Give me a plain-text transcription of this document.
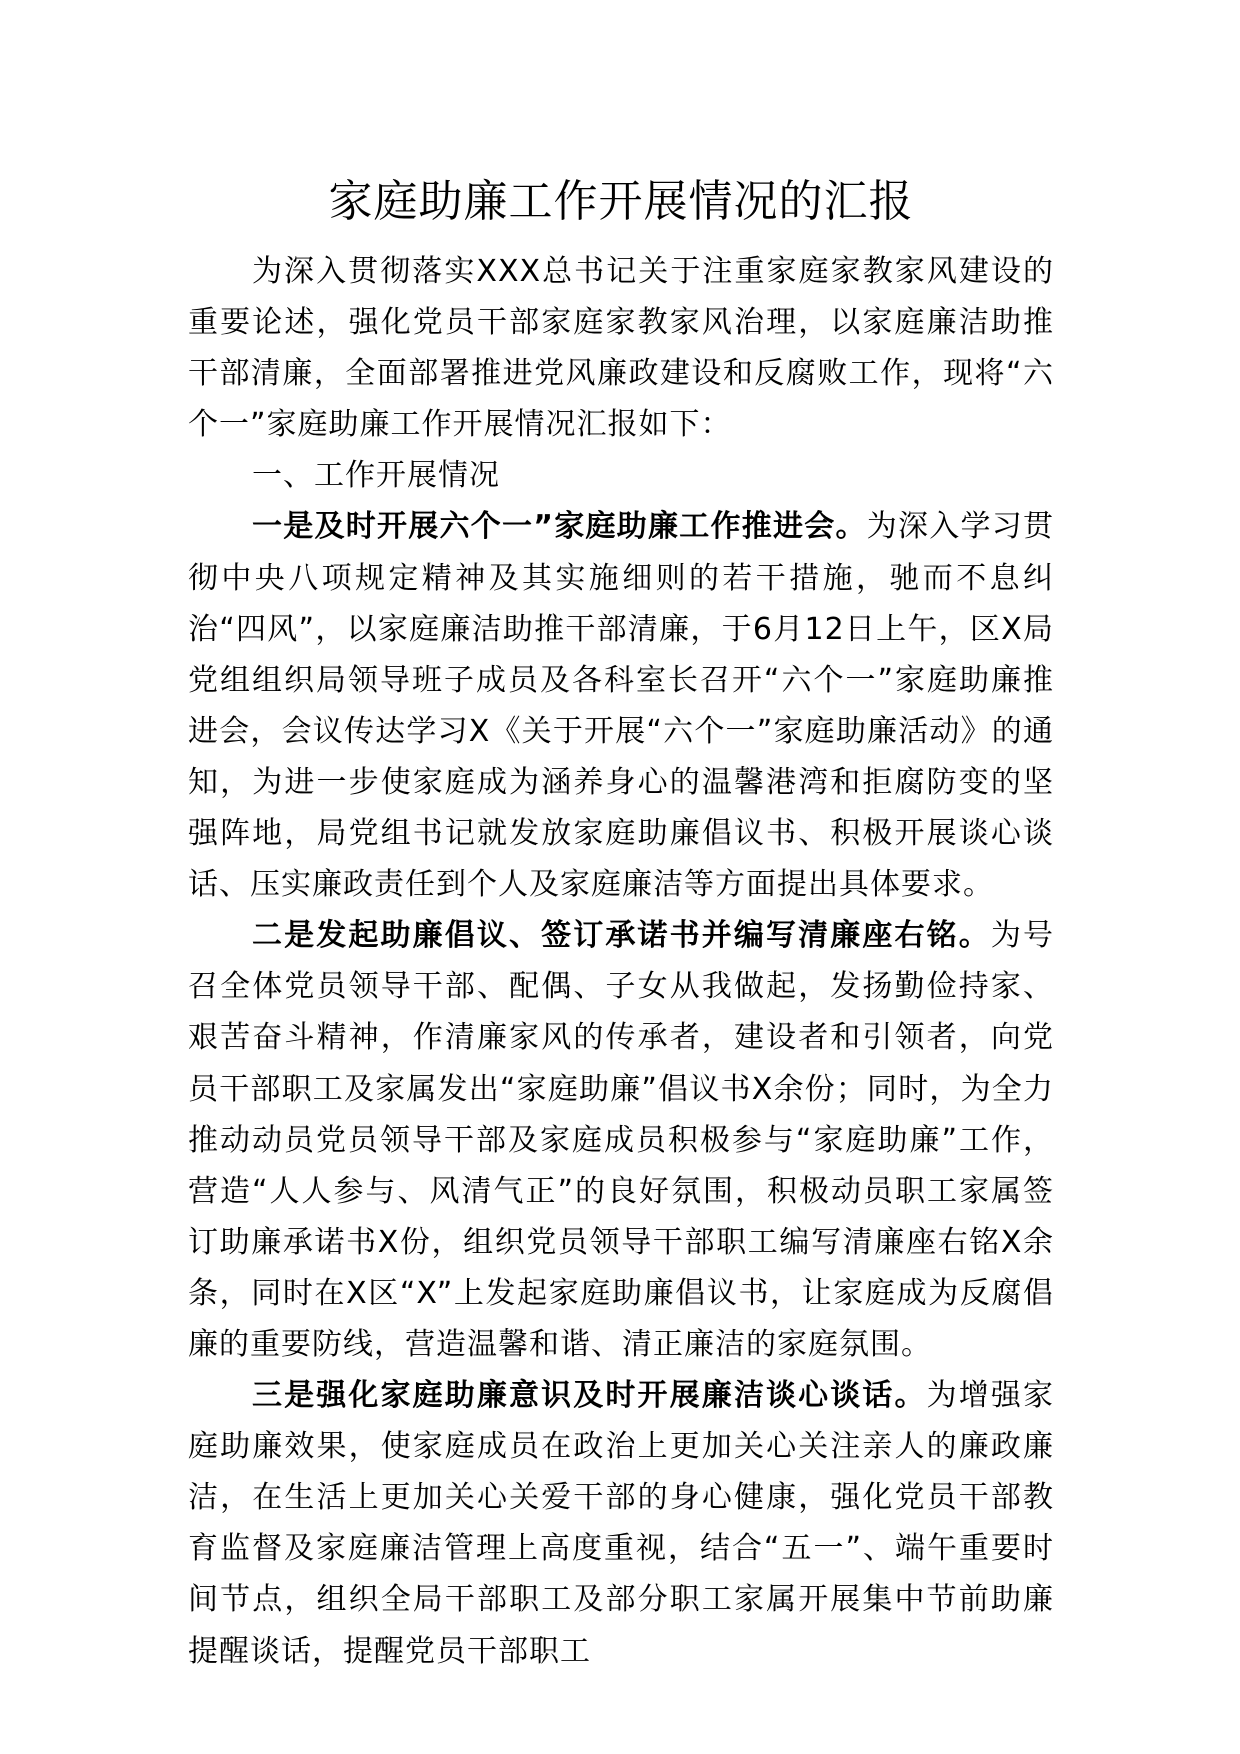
家庭助廉工作开展情况的汇报

为深入贯彻落实XXX总书记关于注重家庭家教家风建设的重要论述，强化党员干部家庭家教家风治理，以家庭廉洁助推干部清廉，全面部署推进党风廉政建设和反腐败工作，现将“六个一”家庭助廉工作开展情况汇报如下：

一、工作开展情况

一是及时开展六个一”家庭助廉工作推进会。为深入学习贯彻中央八项规定精神及其实施细则的若干措施，驰而不息纠治“四风”，以家庭廉洁助推干部清廉，于6月12日上午，区X局党组组织局领导班子成员及各科室长召开“六个一”家庭助廉推进会，会议传达学习X《关于开展“六个一”家庭助廉活动》的通知，为进一步使家庭成为涵养身心的温馨港湾和拒腐防变的坚强阵地，局党组书记就发放家庭助廉倡议书、积极开展谈心谈话、压实廉政责任到个人及家庭廉洁等方面提出具体要求。

二是发起助廉倡议、签订承诺书并编写清廉座右铭。为号召全体党员领导干部、配偶、子女从我做起，发扬勤俭持家、艰苦奋斗精神，作清廉家风的传承者，建设者和引领者，向党员干部职工及家属发出“家庭助廉”倡议书X余份；同时，为全力推动动员党员领导干部及家庭成员积极参与“家庭助廉”工作，营造“人人参与、风清气正”的良好氛围，积极动员职工家属签订助廉承诺书X份，组织党员领导干部职工编写清廉座右铭X余条，同时在X区“X”上发起家庭助廉倡议书，让家庭成为反腐倡廉的重要防线，营造温馨和谐、清正廉洁的家庭氛围。

三是强化家庭助廉意识及时开展廉洁谈心谈话。为增强家庭助廉效果，使家庭成员在政治上更加关心关注亲人的廉政廉洁，在生活上更加关心关爱干部的身心健康，强化党员干部教育监督及家庭廉洁管理上高度重视，结合“五一”、端午重要时间节点，组织全局干部职工及部分职工家属开展集中节前助廉提醒谈话，提醒党员干部职工
